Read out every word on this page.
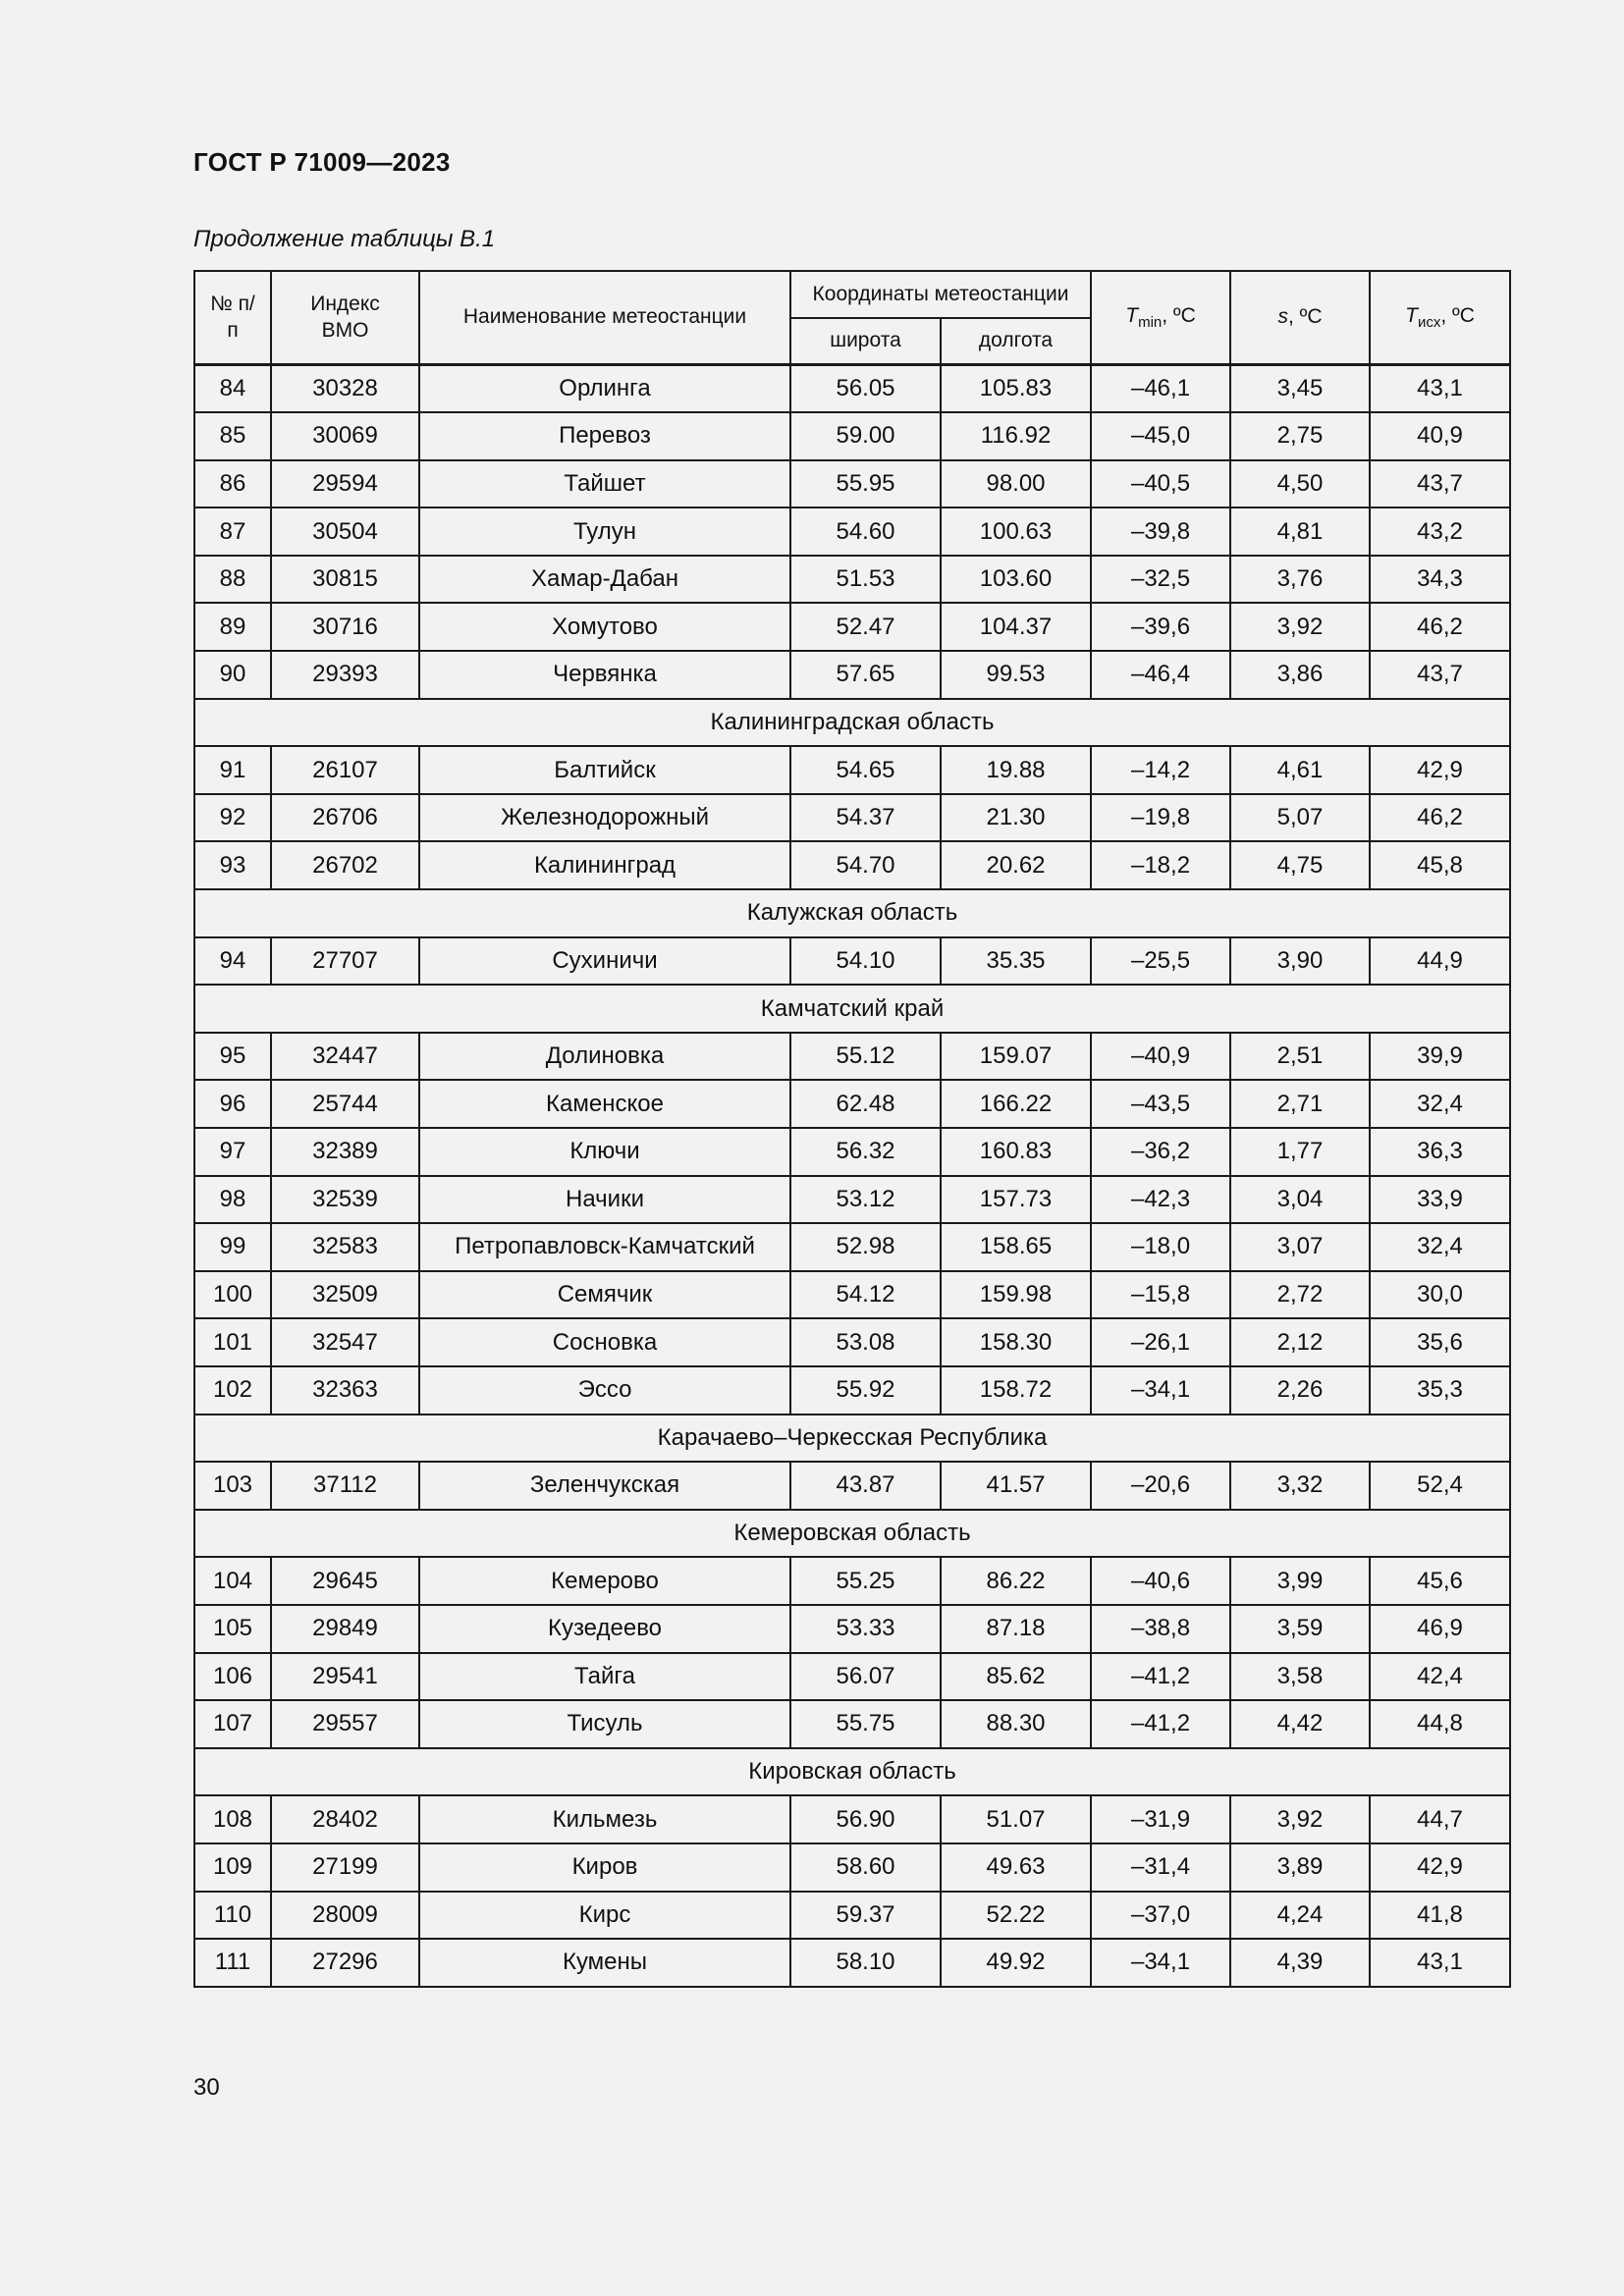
ГОСТ Р 71009—2023
Продолжение таблицы В.1
№ п/п	Индекс ВМО	Наименование метеостанции	Координаты метеостанции		$T_{min}$, ºС	s, ºС	$T_{исх}$, ºС
			широта	долгота			
84	30328	Орлинга	56.05	105.83	–46,1	3,45	43,1
85	30069	Перевоз	59.00	116.92	–45,0	2,75	40,9
86	29594	Тайшет	55.95	98.00	–40,5	4,50	43,7
87	30504	Тулун	54.60	100.63	–39,8	4,81	43,2
88	30815	Хамар-Дабан	51.53	103.60	–32,5	3,76	34,3
89	30716	Хомутово	52.47	104.37	–39,6	3,92	46,2
90	29393	Червянка	57.65	99.53	–46,4	3,86	43,7
Калининградская область							
91	26107	Балтийск	54.65	19.88	–14,2	4,61	42,9
92	26706	Железнодорожный	54.37	21.30	–19,8	5,07	46,2
93	26702	Калининград	54.70	20.62	–18,2	4,75	45,8
Калужская область							
94	27707	Сухиничи	54.10	35.35	–25,5	3,90	44,9
Камчатский край							
95	32447	Долиновка	55.12	159.07	–40,9	2,51	39,9
96	25744	Каменское	62.48	166.22	–43,5	2,71	32,4
97	32389	Ключи	56.32	160.83	–36,2	1,77	36,3
98	32539	Начики	53.12	157.73	–42,3	3,04	33,9
99	32583	Петропавловск-Камчатский	52.98	158.65	–18,0	3,07	32,4
100	32509	Семячик	54.12	159.98	–15,8	2,72	30,0
101	32547	Сосновка	53.08	158.30	–26,1	2,12	35,6
102	32363	Эссо	55.92	158.72	–34,1	2,26	35,3
Карачаево–Черкесская Республика							
103	37112	Зеленчукская	43.87	41.57	–20,6	3,32	52,4
Кемеровская область							
104	29645	Кемерово	55.25	86.22	–40,6	3,99	45,6
105	29849	Кузедеево	53.33	87.18	–38,8	3,59	46,9
106	29541	Тайга	56.07	85.62	–41,2	3,58	42,4
107	29557	Тисуль	55.75	88.30	–41,2	4,42	44,8
Кировская область							
108	28402	Кильмезь	56.90	51.07	–31,9	3,92	44,7
109	27199	Киров	58.60	49.63	–31,4	3,89	42,9
110	28009	Кирс	59.37	52.22	–37,0	4,24	41,8
111	27296	Кумены	58.10	49.92	–34,1	4,39	43,1
30
